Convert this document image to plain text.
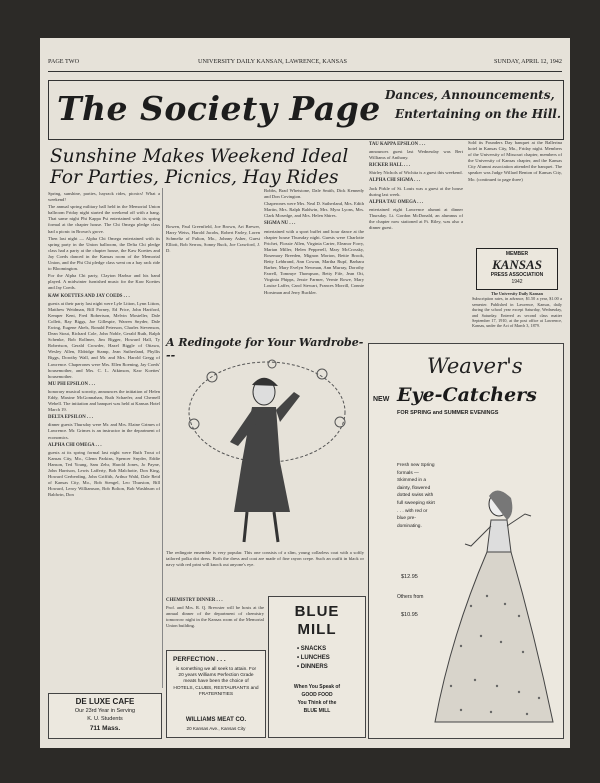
PAGE TWO	UNIVERSITY DAILY KANSAN, LAWRENCE, KANSAS	SUNDAY, APRIL 12, 1942
The Society Page Dances, Announcements,
Entertaining on the Hill.
Sunshine Makes Weekend Ideal
For Parties, Picnics, Hay Rides

Spring, sunshine, parties, hayrack rides, picnics! What a weekend!

The annual spring military ball held in the Memorial Union ballroom Friday night started the weekend off with a bang. That same night Phi Kappa Psi entertained with its spring formal at the chapter house. The Chi Omega pledge class had a picnic in Brown's grove.

Then last night — Alpha Chi Omega entertained with its spring party in the Union ballroom, the Delta Chi pledge class had a party at the chapter house, the Kaw Koettes and Jay Coeds danced in the Kansas room of the Memorial Union, and the Phi Chi pledge class went on a hay rack ride to Bloomington.

For the Alpha Chi party, Clayton Harbur and his band played. A midwinter furnished music for the Kaw Koettes and Jay Coeds.

KAW KOETTES AND JAY COEDS . . .

guests at their party last night were Lyle Litton, Lynn Litton, Matthew Weidman, Bill Forney, Ed Price, John Hartford, Kemper Kent, Fred Robertson, Melvin Mosteller, Dale Collett, Ray Biggs, Joe Gillespie, Warren Snyder, Dale Ewing, Eugene Abels, Ronald Peterson, Charles Stevenson, Dean Stout, Richard Cole, John Noble, Gerald Ruth, Ralph Schenke, Bob Rollmer, Jim Bigger, Howard Hall, Ty Robertson, Gerald Crowder, Hazel Biggle of Ottawa, Wesley Allen, Eldridge Stamp, Jean Sutherland, Phyllis Biggs, Dorothy Wall, and Mr. and Mrs. Harold Gregg of Lawrence. Chaperones were Mrs. Ellen Roening, Jay Coeds' housemother, and Mrs. C. L. Atkinson, Kaw Koettes' housemother.

MU PHI EPSILON . . .

honorary musical sorority, announces the initiation of Helen Eddy, Maxine McGonnahan, Ruth Schaefer, and Chernell Webell. The initiation and banquet was held at Kansas Hotel March 19.

DELTA EPSILON . . .

dinner guests Thursday were Mr. and Mrs. Elaine Grimes of Lawrence. Mr. Grimes is an instructor in the department of economics.

ALPHA CHI OMEGA . . .

guests at its spring formal last night were Ruth Trout of Kansas City, Mo., Glenn Parkins, Spencer Snyder, Eddie Hanson, Ted Young, Sam Zehr, Harold Jones, Jo Payne, John Harrison, Lewis Lafferty, Bob Malchotte, Don King, Howard Gerberding, John Griffith, Arthur Wahl, Dale Reid of Kansas City, Mo., Bob Stengel, Leo Thurston, Bill Howard, Leroy Williamson, Bob Bolton, Bob Washburn of Baldwin, Don

Bowen, Paul Greenfield, Joe Brown, Art Brewer, Harry Weiss, Harold Jacobs, Robert Farley, Loren Schmeltz of Fulton, Mo., Johnny Asher, Guest Elliott, Bob Serrou, Sonny Buck, Joe Crawford, J. D.

Bobbs, Brad Whetstone, Dale Smith, Dick Kennedy and Don Covington.

Chaperones were Mrs. Neal D. Sutherland, Mrs. Edith Martin, Mrs. Ralph Baldwin, Mrs. Myra Lyons, Mrs. Clark Mosedge, and Mrs. Helen Shires.

SIGMA NU . . .

entertained with a sport buffet and hour dance at the chapter house Thursday night. Guests were Charlotte Prichet, Flossie Allen, Virginia Carter, Eleanor Forry, Marian Miller, Helen Pepperell, Mary McCrossky, Rosemary Breeden, Mignon Morton, Bettie Brook, Betty Lehbrand, Ann Cowan, Martha Rupf, Barbara Barber, Mary Evelyn Newman, Ann Murray, Dorothy Farrell, Tommye Thompson, Betty Fife, Jean Ott, Virginia Phipps, Jessie Farmer, Vernie Rowe, Mary Louise Laffer, Carol Stewart, Frances Morrill, Connie Horstman and Jerry Buckler.

TAU KAPPA EPSILON . . .

announces guest last Wednesday was Bert Williams of Anthony.

RICKER HALL . . .

Shirley Nichols of Wichita is a guest this weekend.

ALPHA CHI SIGMA . . .

Jack Pirkle of St. Louis was a guest at the house during last week.

ALPHA TAU OMEGA . . .

entertained eight Lawrence alumni at dinner Thursday. Lt. Gordon McDonald, an alumnus of the chapter now stationed at Ft. Riley, was also a dinner guest.

Sold its Founders Day banquet at the Ballerina hotel in Kansas City, Mo., Friday night. Members of the University of Missouri chapter, members of the University of Kansas chapter, and the Kansas City Alumni association attended the banquet. The speaker was Judge Willard Benton of Kansas City, Mo. (continued to page three)

MEMBER
KANSAS
PRESS ASSOCIATION
1942
The University Daily Kansan

Subscription rates, in advance, $1.50 a year, $1.00 a semester. Published in Lawrence, Kansas, daily during the school year except Saturday, Wednesday, and Saturday. Entered as second class matter September 17, 1910, at the post office at Lawrence, Kansas, under the Act of March 3, 1879.

A Redingote for Your Wardrobe---
The redingote ensemble is very popular. This one consists of a slim, young collarless coat with a softly tailored polka dot dress. Both the dress and coat are made of fine rayon crepe. Such an outfit in black or navy with red print will knock out anyone's eye.
CHEMISTRY DINNER . . .

Prof. and Mrs. R. Q. Brewster will be hosts at the annual dinner of the department of chemistry tomorrow night in the Kansas room of the Memorial Union building.

PERFECTION . . .
is something we all seek to attain. For 20 years Williams Perfection Grade meats have been the choice of HOTELS, CLUBS, RESTAURANTS and FRATERNITIES
WILLIAMS MEAT CO.
20 Kansas Ave., Kansas City
BLUE
MILL
• SNACKS
• LUNCHES
• DINNERS
When You Speak of
GOOD FOOD
You Think of the
BLUE MILL
DE LUXE CAFE
Our 23rd Year in Serving
K. U. Students
711 Mass.
Weaver's
NEW Eye-Catchers
FOR SPRING and SUMMER EVENINGS
Fresh new Spring formals — Skimmed in a dainty, flowered dotted swiss with full sweeping skirt . . . with red or blue pre-dominating.
$12.95
Others from
$10.95
